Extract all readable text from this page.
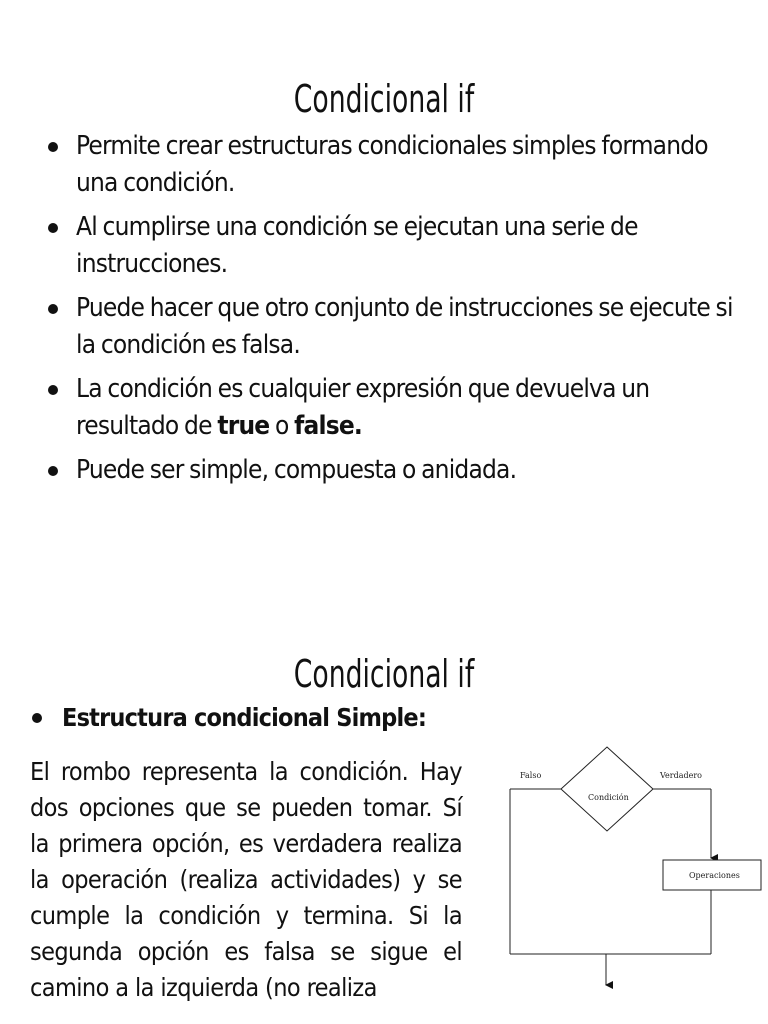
Condicional if
Permite crear estructuras condicionales simples formando una condición.
Al cumplirse una condición se ejecutan una serie de instrucciones.
Puede hacer que otro conjunto de instrucciones se ejecute si la condición es falsa.
La condición es cualquier expresión que devuelva un resultado de true o false.
Puede ser simple, compuesta o anidada.
Condicional if
Estructura condicional Simple:

El rombo representa la condición. Hay dos opciones que se pueden tomar. Sí la primera opción, es verdadera realiza la operación (realiza actividades) y se cumple la condición y termina. Si la segunda opción es falsa se sigue el camino a la izquierda (no realiza

Falso	Verdadero
Condición
Operaciones
